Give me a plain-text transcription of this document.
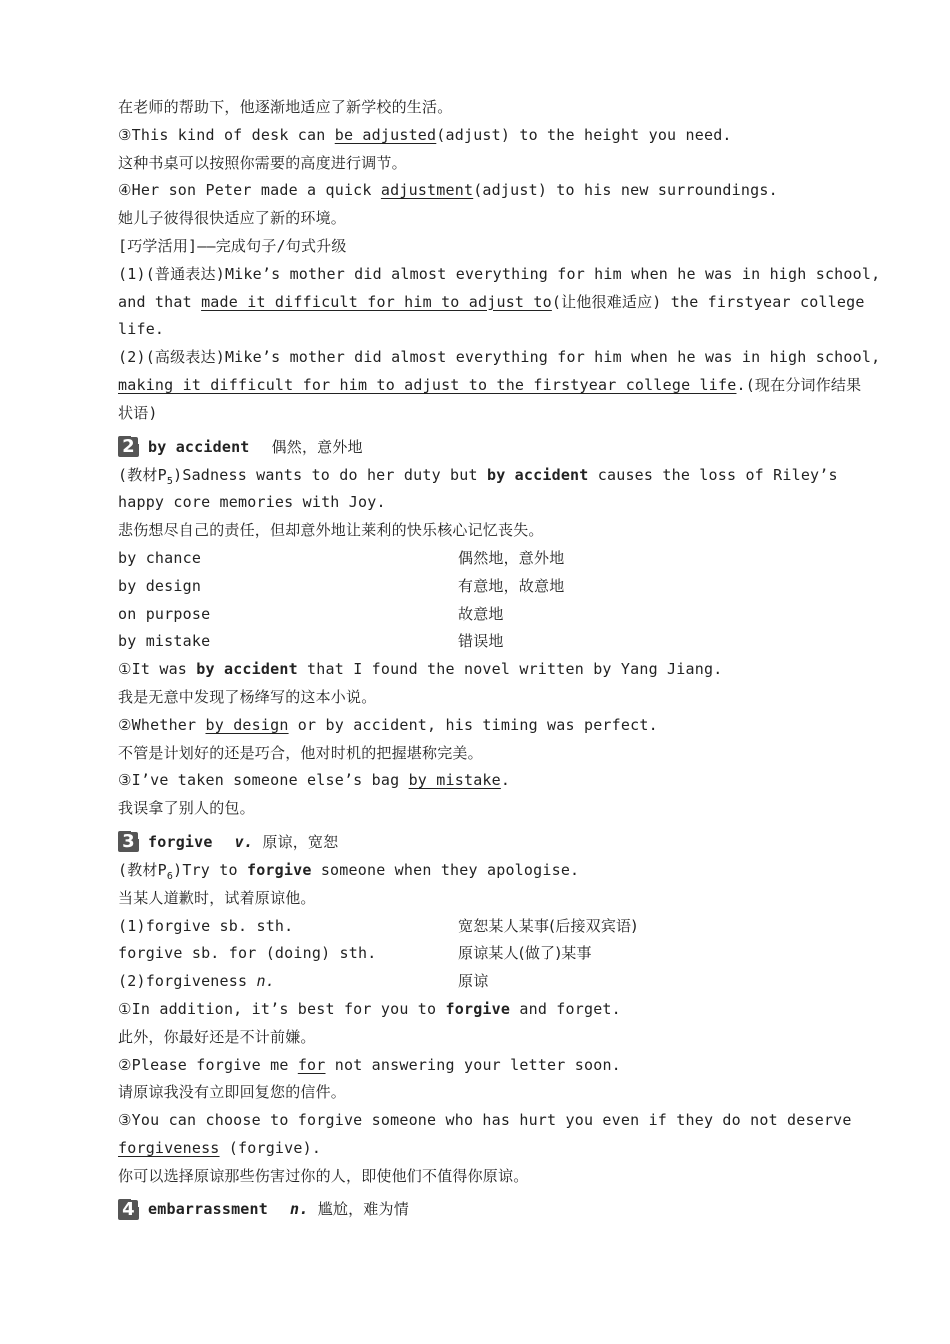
在老师的帮助下，他逐渐地适应了新学校的生活。
③This kind of desk can be adjusted(adjust) to the height you need.
这种书桌可以按照你需要的高度进行调节。
④Her son Peter made a quick adjustment(adjust) to his new surroundings.
她儿子彼得很快适应了新的环境。
[巧学活用]——完成句子/句式升级
(1)(普通表达)Mike’s mother did almost everything for him when he was in high school,
and that made it difficult for him to adjust to(让他很难适应) the firstyear college
life.
(2)(高级表达)Mike’s mother did almost everything for him when he was in high school,
making it difficult for him to adjust to the firstyear college life.(现在分词作结果
状语)
2 by accident 偶然，意外地
(教材$P_5)Sadness$ wants to do her duty but by accident causes the loss of Riley’s
happy core memories with Joy.
悲伤想尽自己的责任，但却意外地让莱利的快乐核心记忆丧失。
by chance	偶然地，意外地
by design	有意地，故意地
on purpose	故意地
by mistake	错误地
①It was by accident that I found the novel written by Yang Jiang.
我是无意中发现了杨绛写的这本小说。
②Whether by design or by accident, his timing was perfect.
不管是计划好的还是巧合，他对时机的把握堪称完美。
③I’ve taken someone else’s bag by mistake.
我误拿了别人的包。
3 forgive v.
原谅，宽恕
(教材$P_6)Try$ to forgive someone when they apologise.
当某人道歉时，试着原谅他。
(1)forgive sb. sth.	宽恕某人某事(后接双宾语)
forgive sb. for (doing) sth.	原谅某人(做了)某事
(2)forgiveness n.	原谅
①In addition, it’s best for you to forgive and forget.
此外，你最好还是不计前嫌。
②Please forgive me for not answering your letter soon.
请原谅我没有立即回复您的信件。
③You can choose to forgive someone who has hurt you even if they do not deserve
forgiveness (forgive).
你可以选择原谅那些伤害过你的人，即使他们不值得你原谅。
4 embarrassment n.
尴尬，难为情
